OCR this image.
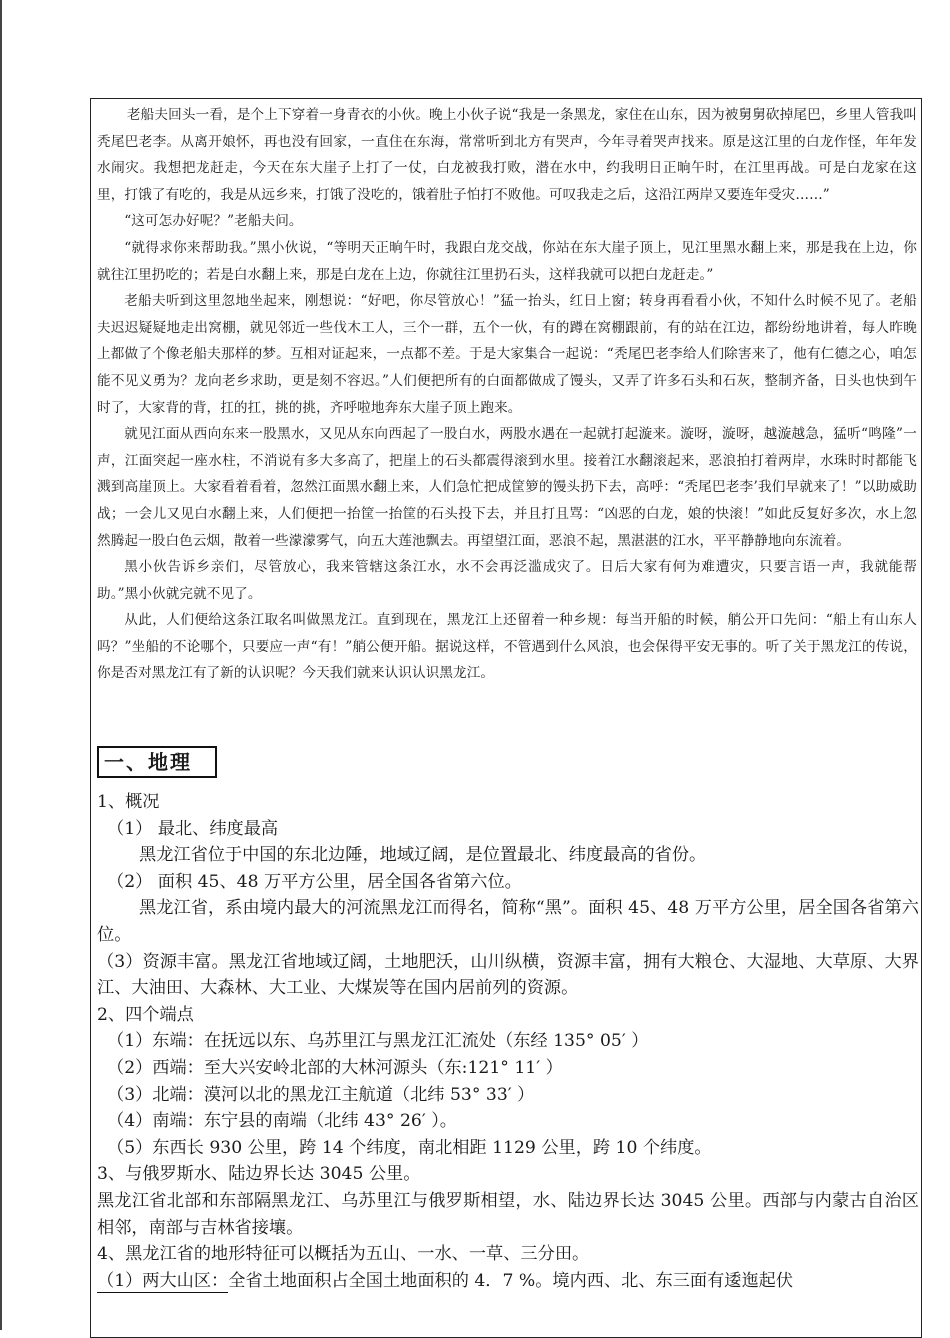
老船夫回头一看，是个上下穿着一身青衣的小伙。晚上小伙子说“我是一条黑龙，家住在山东，因为被舅舅砍掉尾巴，乡里人管我叫秃尾巴老李。从离开娘怀，再也没有回家，一直住在东海，常常听到北方有哭声，今年寻着哭声找来。原是这江里的白龙作怪，年年发水闹灾。我想把龙赶走，今天在东大崖子上打了一仗，白龙被我打败，潜在水中，约我明日正晌午时，在江里再战。可是白龙家在这里，打饿了有吃的，我是从远乡来，打饿了没吃的，饿着肚子怕打不败他。可叹我走之后，这沿江两岸又要连年受灾……”

“这可怎办好呢？”老船夫问。

“就得求你来帮助我。”黑小伙说，“等明天正晌午时，我跟白龙交战，你站在东大崖子顶上，见江里黑水翻上来，那是我在上边，你就往江里扔吃的；若是白水翻上来，那是白龙在上边，你就往江里扔石头，这样我就可以把白龙赶走。”

老船夫听到这里忽地坐起来，刚想说：“好吧，你尽管放心！”猛一抬头，红日上窗；转身再看看小伙，不知什么时候不见了。老船夫迟迟疑疑地走出窝棚，就见邻近一些伐木工人，三个一群，五个一伙，有的蹲在窝棚跟前，有的站在江边，都纷纷地讲着，每人昨晚上都做了个像老船夫那样的梦。互相对证起来，一点都不差。于是大家集合一起说：“秃尾巴老李给人们除害来了，他有仁德之心，咱怎能不见义勇为？龙向老乡求助，更是刻不容迟。”人们便把所有的白面都做成了馒头，又弄了许多石头和石灰，整制齐备，日头也快到午时了，大家背的背，扛的扛，挑的挑，齐呼啦地奔东大崖子顶上跑来。

就见江面从西向东来一股黑水，又见从东向西起了一股白水，两股水遇在一起就打起漩来。漩呀，漩呀，越漩越急，猛听“鸣隆”一声，江面突起一座水柱，不消说有多大多高了，把崖上的石头都震得滚到水里。接着江水翻滚起来，恶浪拍打着两岸，水珠时时都能飞溅到高崖顶上。大家看着看着，忽然江面黑水翻上来，人们急忙把成筐箩的馒头扔下去，高呼：“秃尾巴老李’我们早就来了！”以助威助战；一会儿又见白水翻上来，人们便把一抬筐一抬筐的石头投下去，并且打且骂：“凶恶的白龙，娘的快滚！”如此反复好多次，水上忽然腾起一股白色云烟，散着一些濛濛雾气，向五大莲池飘去。再望望江面，恶浪不起，黑湛湛的江水，平平静静地向东流着。

黑小伙告诉乡亲们，尽管放心，我来管辖这条江水，水不会再泛滥成灾了。日后大家有何为难遭灾，只要言语一声，我就能帮助。”黑小伙就完就不见了。

从此，人们便给这条江取名叫做黑龙江。直到现在，黑龙江上还留着一种乡规：每当开船的时候，艄公开口先问：“船上有山东人吗？”坐船的不论哪个，只要应一声“有！”艄公便开船。据说这样，不管遇到什么风浪，也会保得平安无事的。听了关于黑龙江的传说，你是否对黑龙江有了新的认识呢？今天我们就来认识认识黑龙江。

一、地理
1、概况
（1） 最北、纬度最高
黑龙江省位于中国的东北边陲，地域辽阔，是位置最北、纬度最高的省份。
（2） 面积 45、48 万平方公里，居全国各省第六位。
黑龙江省，系由境内最大的河流黑龙江而得名，简称“黑”。面积 45、48 万平方公里，居全国各省第六位。
（3）资源丰富。黑龙江省地域辽阔，土地肥沃，山川纵横，资源丰富，拥有大粮仓、大湿地、大草原、大界江、大油田、大森林、大工业、大煤炭等在国内居前列的资源。
2、四个端点
（1）东端：在抚远以东、乌苏里江与黑龙江汇流处（东经 135° 05′ ）
（2）西端：至大兴安岭北部的大林河源头（东:121° 11′ ）
（3）北端：漠河以北的黑龙江主航道（北纬 53° 33′ ）
（4）南端：东宁县的南端（北纬 43° 26′ ）。
（5）东西长 930 公里，跨 14 个纬度，南北相距 1129 公里，跨 10 个纬度。
3、与俄罗斯水、陆边界长达 3045 公里。
黑龙江省北部和东部隔黑龙江、乌苏里江与俄罗斯相望，水、陆边界长达 3045 公里。西部与内蒙古自治区相邻，南部与吉林省接壤。
4、黑龙江省的地形特征可以概括为五山、一水、一草、三分田。
（1）两大山区：全省土地面积占全国土地面积的 4．7 %。境内西、北、东三面有逶迤起伏
